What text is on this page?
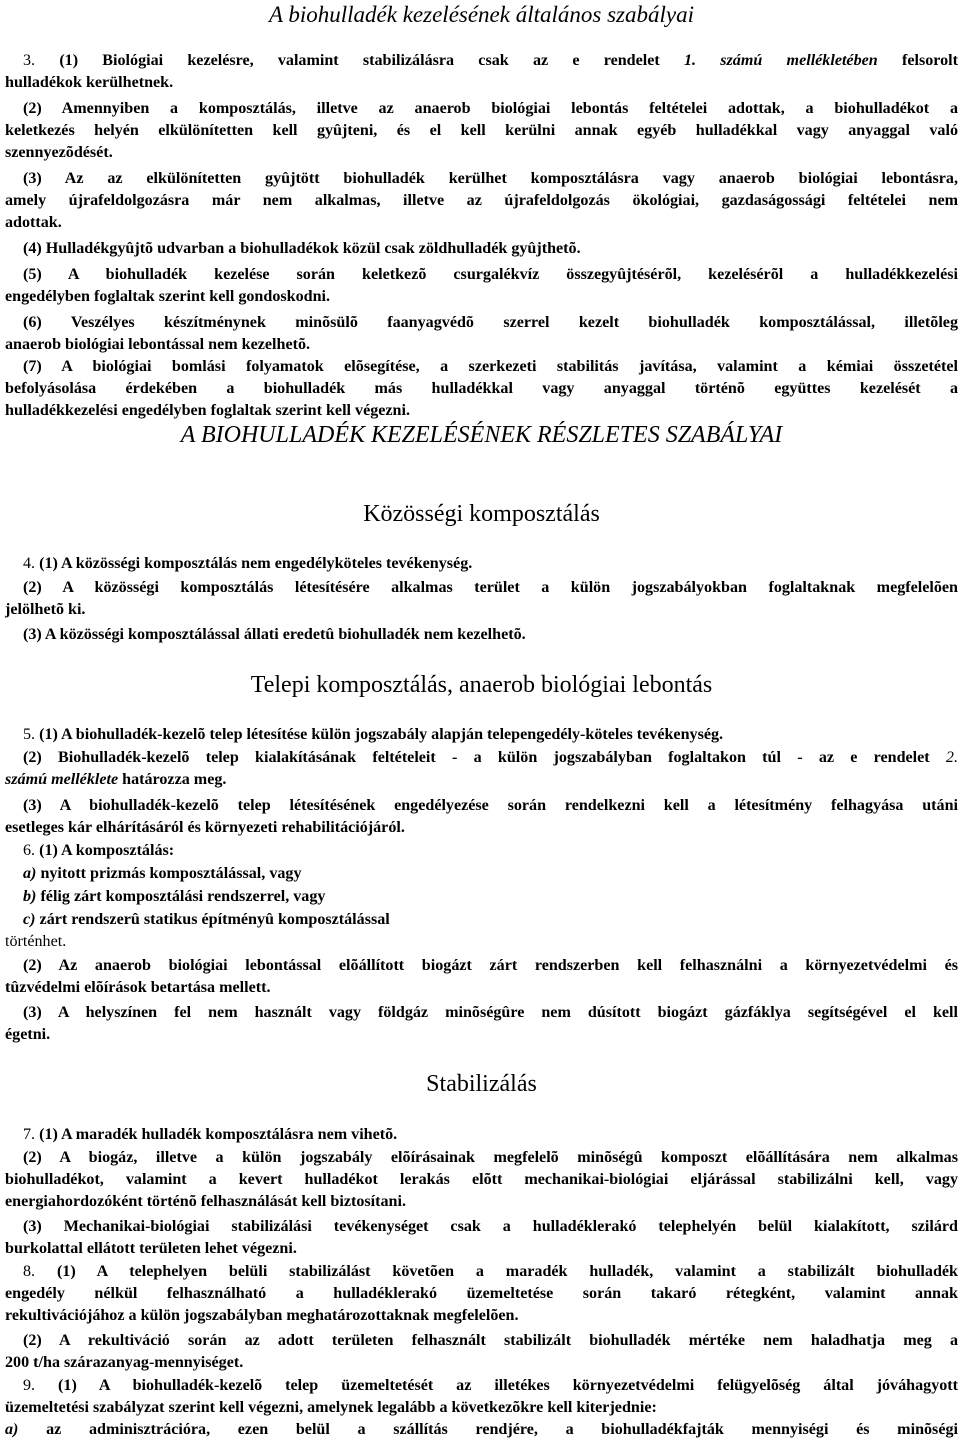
A biohulladék kezelésének általános szabályai
3. (1) Biológiai kezelésre, valamint stabilizálásra csak az e rendelet 1. számú mellékletében felsorolt
hulladékok kerülhetnek.
(2) Amennyiben a komposztálás, illetve az anaerob biológiai lebontás feltételei adottak, a biohulladékot a
keletkezés helyén elkülönítetten kell gyûjteni, és el kell kerülni annak egyéb hulladékkal vagy anyaggal való
szennyezõdését.
(3) Az az elkülönítetten gyûjtött biohulladék kerülhet komposztálásra vagy anaerob biológiai lebontásra,
amely újrafeldolgozásra már nem alkalmas, illetve az újrafeldolgozás ökológiai, gazdaságossági feltételei nem
adottak.
(4) Hulladékgyûjtõ udvarban a biohulladékok közül csak zöldhulladék gyûjthetõ.
(5) A biohulladék kezelése során keletkezõ csurgalékvíz összegyûjtésérõl, kezelésérõl a hulladékkezelési
engedélyben foglaltak szerint kell gondoskodni.
(6) Veszélyes készítménynek minõsülõ faanyagvédõ szerrel kezelt biohulladék komposztálással, illetõleg
anaerob biológiai lebontással nem kezelhetõ.
(7) A biológiai bomlási folyamatok elõsegítése, a szerkezeti stabilitás javítása, valamint a kémiai összetétel
befolyásolása érdekében a biohulladék más hulladékkal vagy anyaggal történõ együttes kezelését a
hulladékkezelési engedélyben foglaltak szerint kell végezni.
A BIOHULLADÉK KEZELÉSÉNEK RÉSZLETES SZABÁLYAI
Közösségi komposztálás
4. (1) A közösségi komposztálás nem engedélyköteles tevékenység.
(2) A közösségi komposztálás létesítésére alkalmas terület a külön jogszabályokban foglaltaknak megfelelõen
jelölhetõ ki.
(3) A közösségi komposztálással állati eredetû biohulladék nem kezelhetõ.
Telepi komposztálás, anaerob biológiai lebontás
5. (1) A biohulladék-kezelõ telep létesítése külön jogszabály alapján telepengedély-köteles tevékenység.
(2) Biohulladék-kezelõ telep kialakításának feltételeit - a külön jogszabályban foglaltakon túl - az e rendelet 2.
számú melléklete határozza meg.
(3) A biohulladék-kezelõ telep létesítésének engedélyezése során rendelkezni kell a létesítmény felhagyása utáni
esetleges kár elhárításáról és környezeti rehabilitációjáról.
6. (1) A komposztálás:
a) nyitott prizmás komposztálással, vagy
b) félig zárt komposztálási rendszerrel, vagy
c) zárt rendszerû statikus építményû komposztálással
történhet.
(2) Az anaerob biológiai lebontással elõállított biogázt zárt rendszerben kell felhasználni a környezetvédelmi és
tûzvédelmi elõírások betartása mellett.
(3) A helyszínen fel nem használt vagy földgáz minõségûre nem dúsított biogázt gázfáklya segítségével el kell
égetni.
Stabilizálás
7. (1) A maradék hulladék komposztálásra nem vihetõ.
(2) A biogáz, illetve a külön jogszabály elõírásainak megfelelõ minõségû komposzt elõállítására nem alkalmas
biohulladékot, valamint a kevert hulladékot lerakás elõtt mechanikai-biológiai eljárással stabilizálni kell, vagy
energiahordozóként történõ felhasználását kell biztosítani.
(3) Mechanikai-biológiai stabilizálási tevékenységet csak a hulladéklerakó telephelyén belül kialakított, szilárd
burkolattal ellátott területen lehet végezni.
8. (1) A telephelyen belüli stabilizálást követõen a maradék hulladék, valamint a stabilizált biohulladék
engedély nélkül felhasználható a hulladéklerakó üzemeltetése során takaró rétegként, valamint annak
rekultivációjához a külön jogszabályban meghatározottaknak megfelelõen.
(2) A rekultiváció során az adott területen felhasznált stabilizált biohulladék mértéke nem haladhatja meg a
200 t/ha szárazanyag-mennyiséget.
9. (1) A biohulladék-kezelõ telep üzemeltetését az illetékes környezetvédelmi felügyelõség által jóváhagyott
üzemeltetési szabályzat szerint kell végezni, amelynek legalább a következõkre kell kiterjednie:
a) az adminisztrációra, ezen belül a szállítás rendjére, a biohulladékfajták mennyiségi és minõségi
